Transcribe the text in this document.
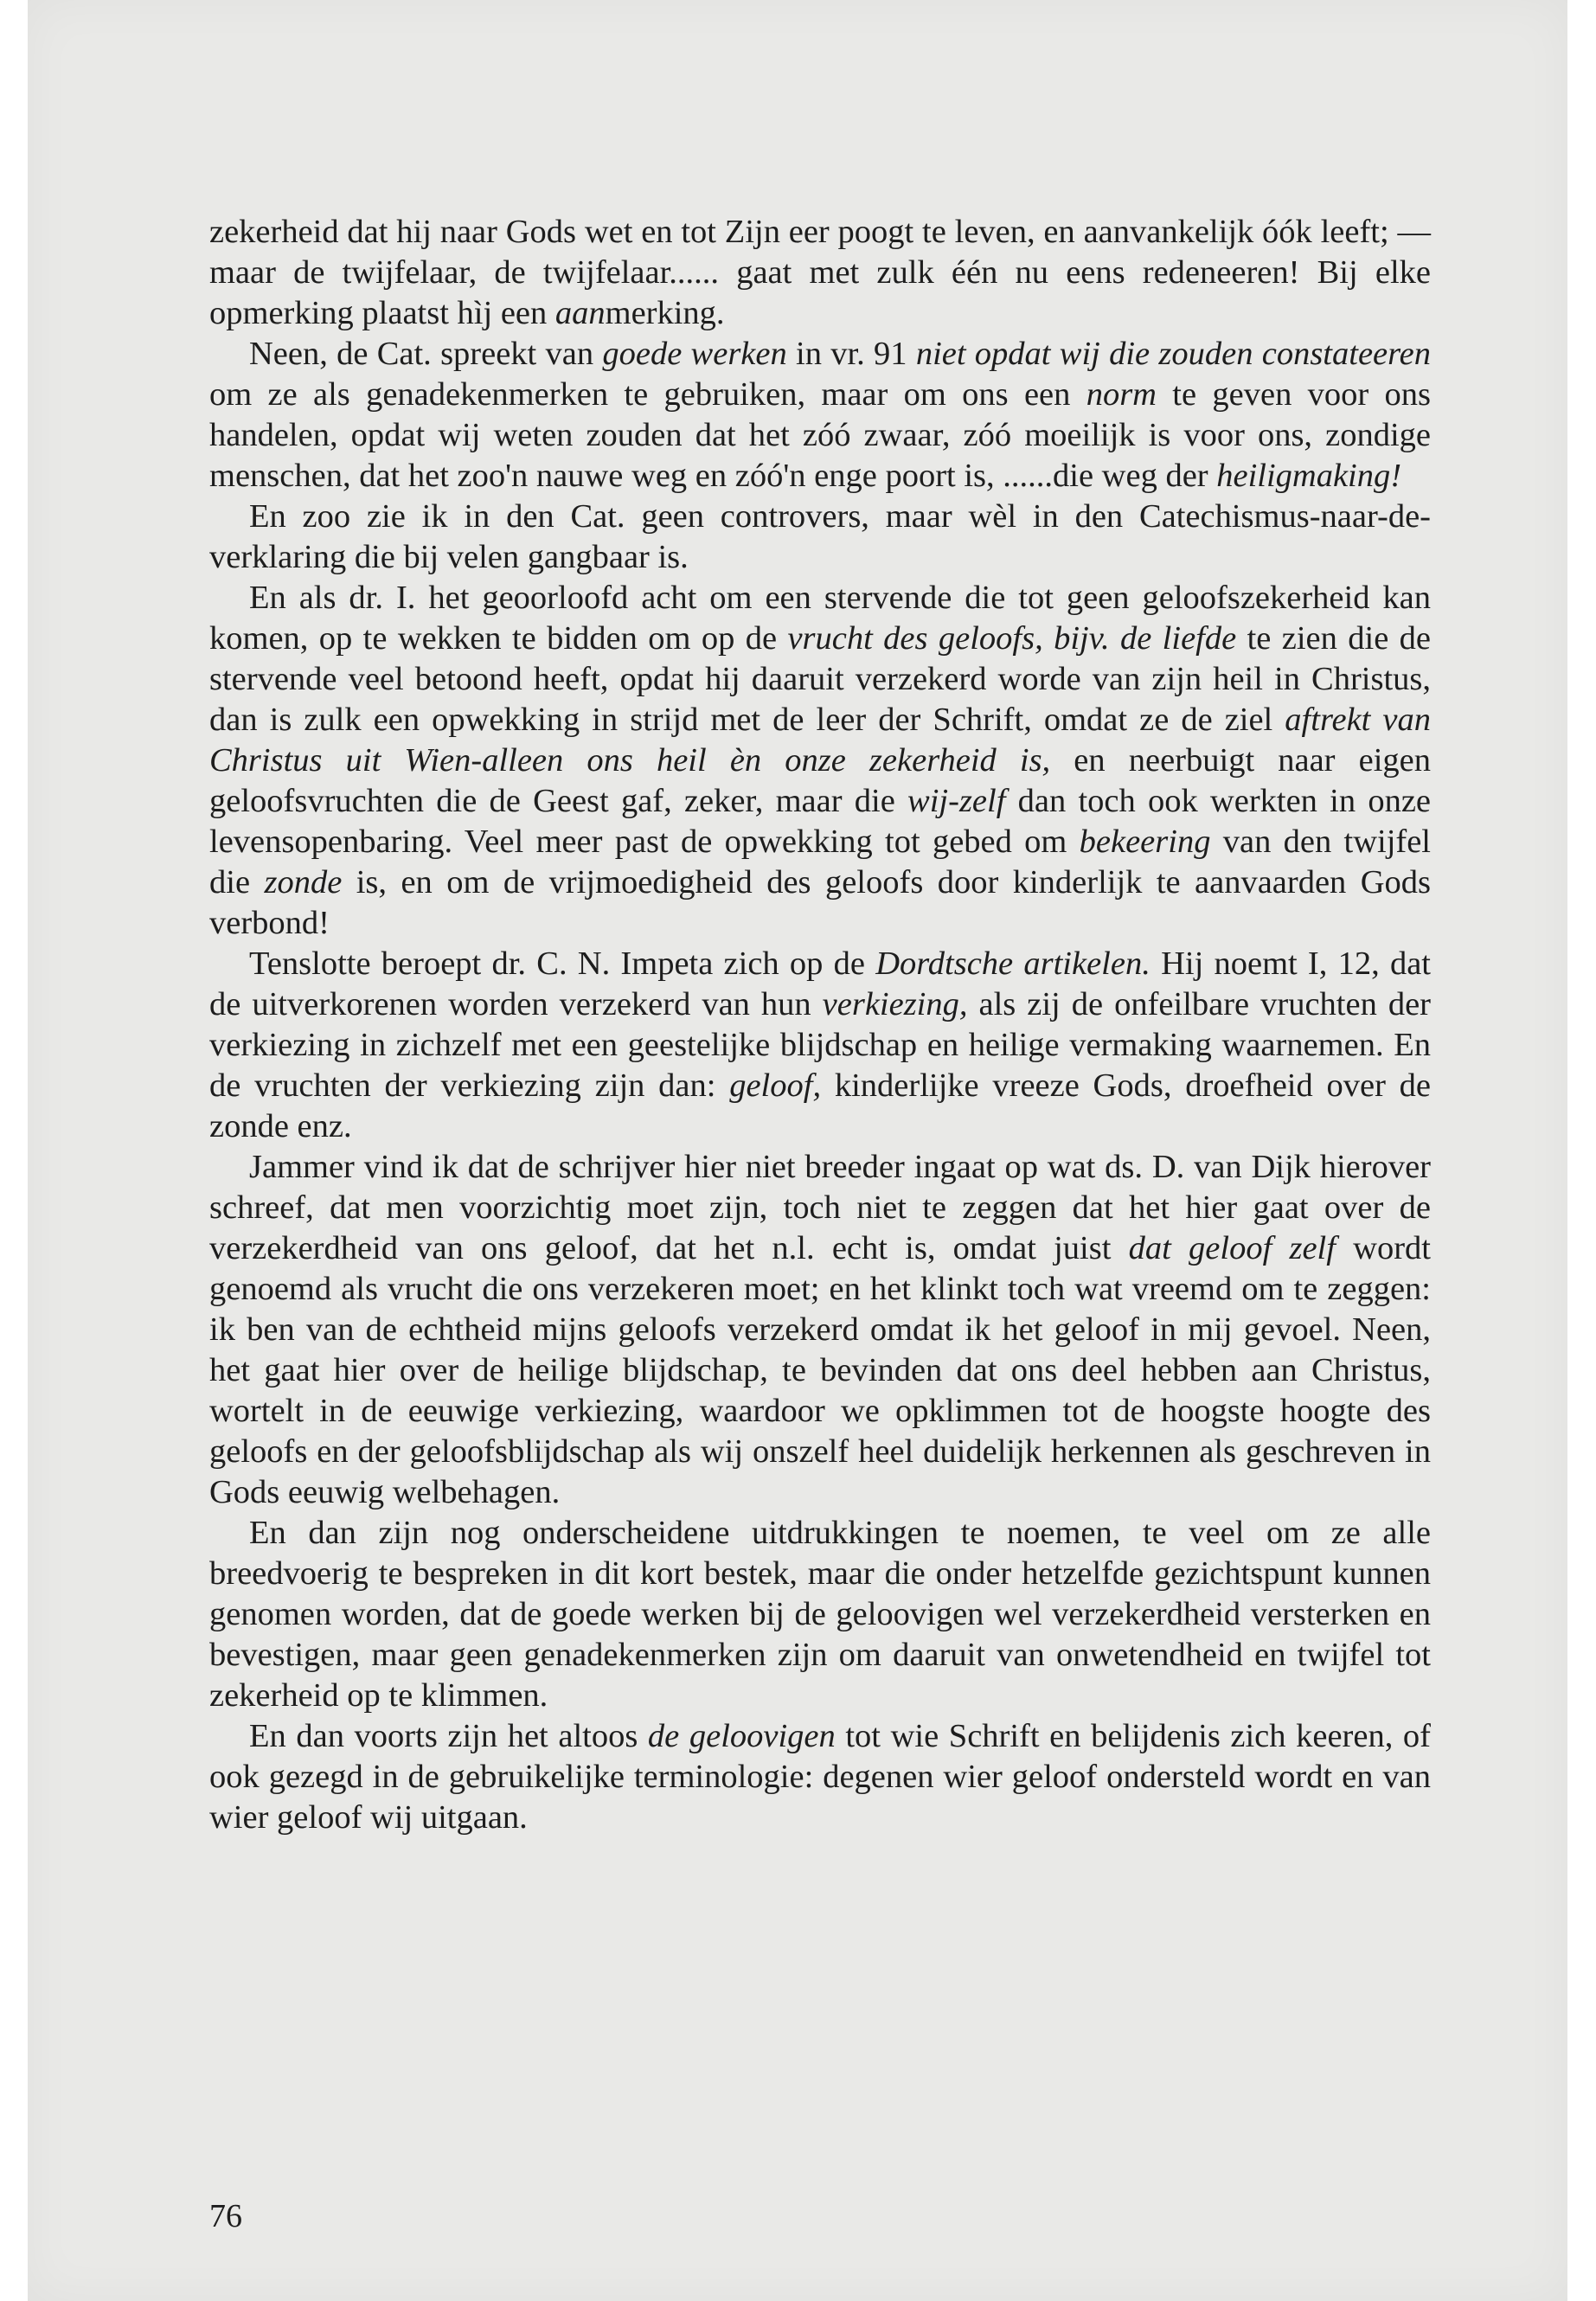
zekerheid dat hij naar Gods wet en tot Zijn eer poogt te leven, en aanvankelijk óók leeft; — maar de twijfelaar, de twijfelaar...... gaat met zulk één nu eens redeneeren! Bij elke opmerking plaatst hìj een aanmerking.

Neen, de Cat. spreekt van goede werken in vr. 91 niet opdat wij die zouden constateeren om ze als genadekenmerken te gebruiken, maar om ons een norm te geven voor ons handelen, opdat wij weten zouden dat het zóó zwaar, zóó moeilijk is voor ons, zondige menschen, dat het zoo'n nauwe weg en zóó'n enge poort is, ......die weg der heiligmaking!

En zoo zie ik in den Cat. geen controvers, maar wèl in den Catechismus-naar-de-verklaring die bij velen gangbaar is.

En als dr. I. het geoorloofd acht om een stervende die tot geen geloofszekerheid kan komen, op te wekken te bidden om op de vrucht des geloofs, bijv. de liefde te zien die de stervende veel betoond heeft, opdat hij daaruit verzekerd worde van zijn heil in Christus, dan is zulk een opwekking in strijd met de leer der Schrift, omdat ze de ziel aftrekt van Christus uit Wien-alleen ons heil èn onze zekerheid is, en neerbuigt naar eigen geloofsvruchten die de Geest gaf, zeker, maar die wij-zelf dan toch ook werkten in onze levensopenbaring. Veel meer past de opwekking tot gebed om bekeering van den twijfel die zonde is, en om de vrijmoedigheid des geloofs door kinderlijk te aanvaarden Gods verbond!

Tenslotte beroept dr. C. N. Impeta zich op de Dordtsche artikelen. Hij noemt I, 12, dat de uitverkorenen worden verzekerd van hun verkiezing, als zij de onfeilbare vruchten der verkiezing in zichzelf met een geestelijke blijdschap en heilige vermaking waarnemen. En de vruchten der verkiezing zijn dan: geloof, kinderlijke vreeze Gods, droefheid over de zonde enz.

Jammer vind ik dat de schrijver hier niet breeder ingaat op wat ds. D. van Dijk hierover schreef, dat men voorzichtig moet zijn, toch niet te zeggen dat het hier gaat over de verzekerdheid van ons geloof, dat het n.l. echt is, omdat juist dat geloof zelf wordt genoemd als vrucht die ons verzekeren moet; en het klinkt toch wat vreemd om te zeggen: ik ben van de echtheid mijns geloofs verzekerd omdat ik het geloof in mij gevoel. Neen, het gaat hier over de heilige blijdschap, te bevinden dat ons deel hebben aan Christus, wortelt in de eeuwige verkiezing, waardoor we opklimmen tot de hoogste hoogte des geloofs en der geloofsblijdschap als wij onszelf heel duidelijk herkennen als geschreven in Gods eeuwig welbehagen.

En dan zijn nog onderscheidene uitdrukkingen te noemen, te veel om ze alle breedvoerig te bespreken in dit kort bestek, maar die onder hetzelfde gezichtspunt kunnen genomen worden, dat de goede werken bij de geloovigen wel verzekerdheid versterken en bevestigen, maar geen genadekenmerken zijn om daaruit van onwetendheid en twijfel tot zekerheid op te klimmen.

En dan voorts zijn het altoos de geloovigen tot wie Schrift en belijdenis zich keeren, of ook gezegd in de gebruikelijke terminologie: degenen wier geloof ondersteld wordt en van wier geloof wij uitgaan.

76
